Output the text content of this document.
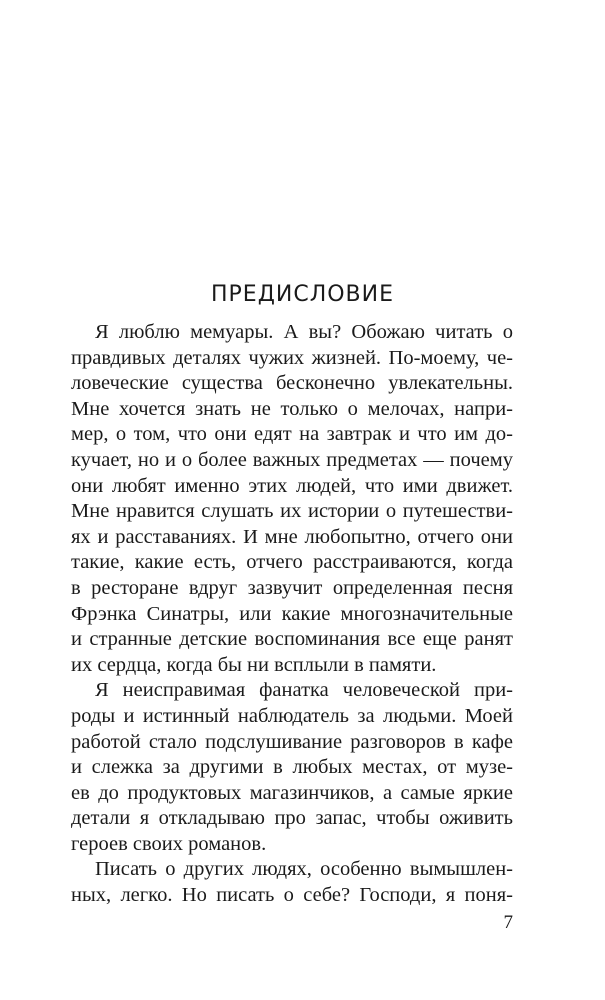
ПРЕДИСЛОВИЕ

Я люблю мемуары. А вы? Обожаю читать о
правдивых деталях чужих жизней. По-моему, че-
ловеческие существа бесконечно увлекательны.
Мне хочется знать не только о мелочах, напри-
мер, о том, что они едят на завтрак и что им до-
кучает, но и о более важных предметах — почему
они любят именно этих людей, что ими движет.
Мне нравится слушать их истории о путешестви-
ях и расставаниях. И мне любопытно, отчего они
такие, какие есть, отчего расстраиваются, когда
в ресторане вдруг зазвучит определенная песня
Фрэнка Синатры, или какие многозначительные
и странные детские воспоминания все еще ранят
их сердца, когда бы ни всплыли в памяти.

Я неисправимая фанатка человеческой при-
роды и истинный наблюдатель за людьми. Моей
работой стало подслушивание разговоров в кафе
и слежка за другими в любых местах, от музе-
ев до продуктовых магазинчиков, а самые яркие
детали я откладываю про запас, чтобы оживить
героев своих романов.

Писать о других людях, особенно вымышлен-
ных, легко. Но писать о себе? Господи, я поня-

7
